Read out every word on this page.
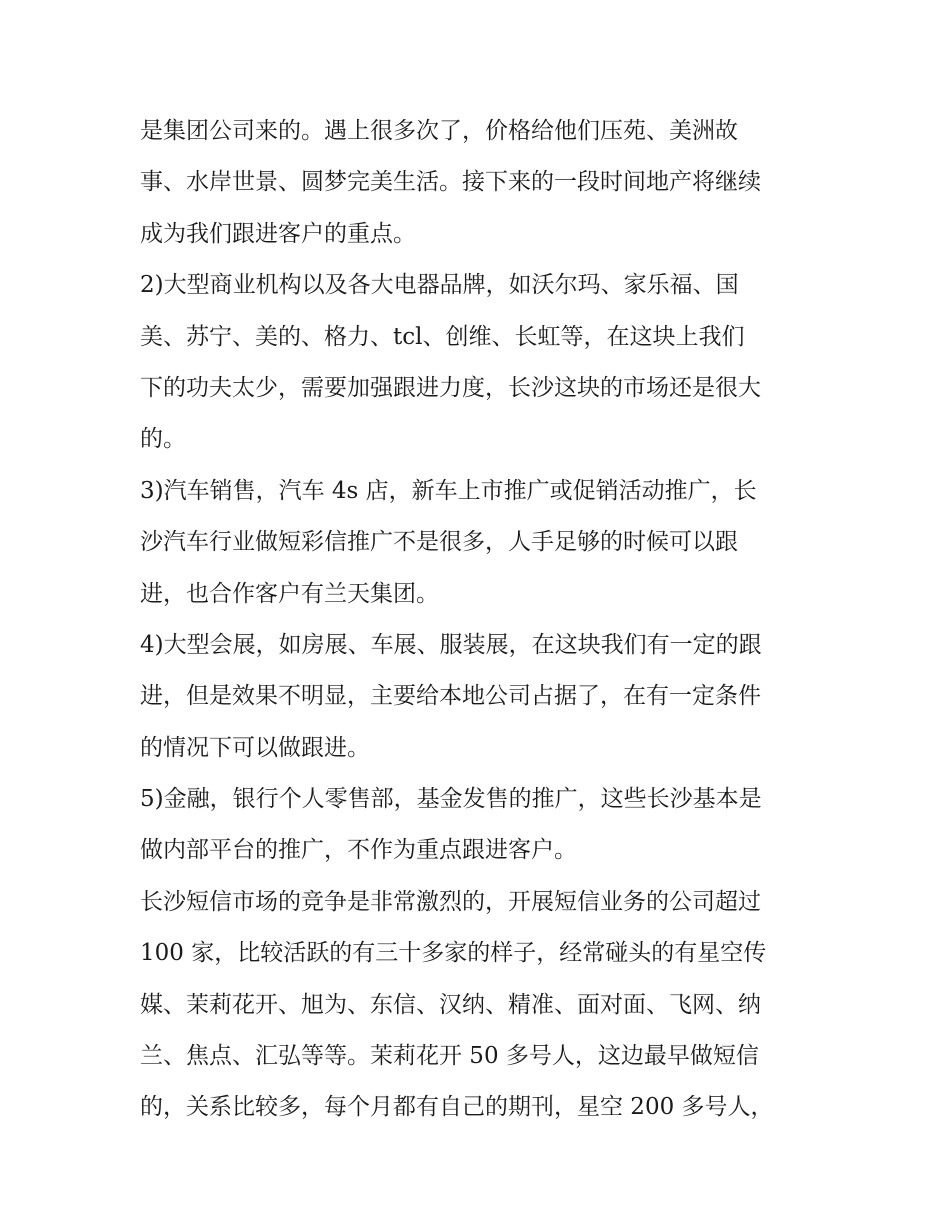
是集团公司来的。遇上很多次了，价格给他们压苑、美洲故
事、水岸世景、圆梦完美生活。接下来的一段时间地产将继续
成为我们跟进客户的重点。
2)大型商业机构以及各大电器品牌，如沃尔玛、家乐福、国
美、苏宁、美的、格力、tcl、创维、长虹等，在这块上我们
下的功夫太少，需要加强跟进力度，长沙这块的市场还是很大
的。
3)汽车销售，汽车 4s 店，新车上市推广或促销活动推广，长
沙汽车行业做短彩信推广不是很多，人手足够的时候可以跟
进，也合作客户有兰天集团。
4)大型会展，如房展、车展、服装展，在这块我们有一定的跟
进，但是效果不明显，主要给本地公司占据了，在有一定条件
的情况下可以做跟进。
5)金融，银行个人零售部，基金发售的推广，这些长沙基本是
做内部平台的推广，不作为重点跟进客户。
长沙短信市场的竞争是非常激烈的，开展短信业务的公司超过
100 家，比较活跃的有三十多家的样子，经常碰头的有星空传
媒、茉莉花开、旭为、东信、汉纳、精准、面对面、飞网、纳
兰、焦点、汇弘等等。茉莉花开 50 多号人，这边最早做短信
的，关系比较多，每个月都有自己的期刊，星空 200 多号人，
